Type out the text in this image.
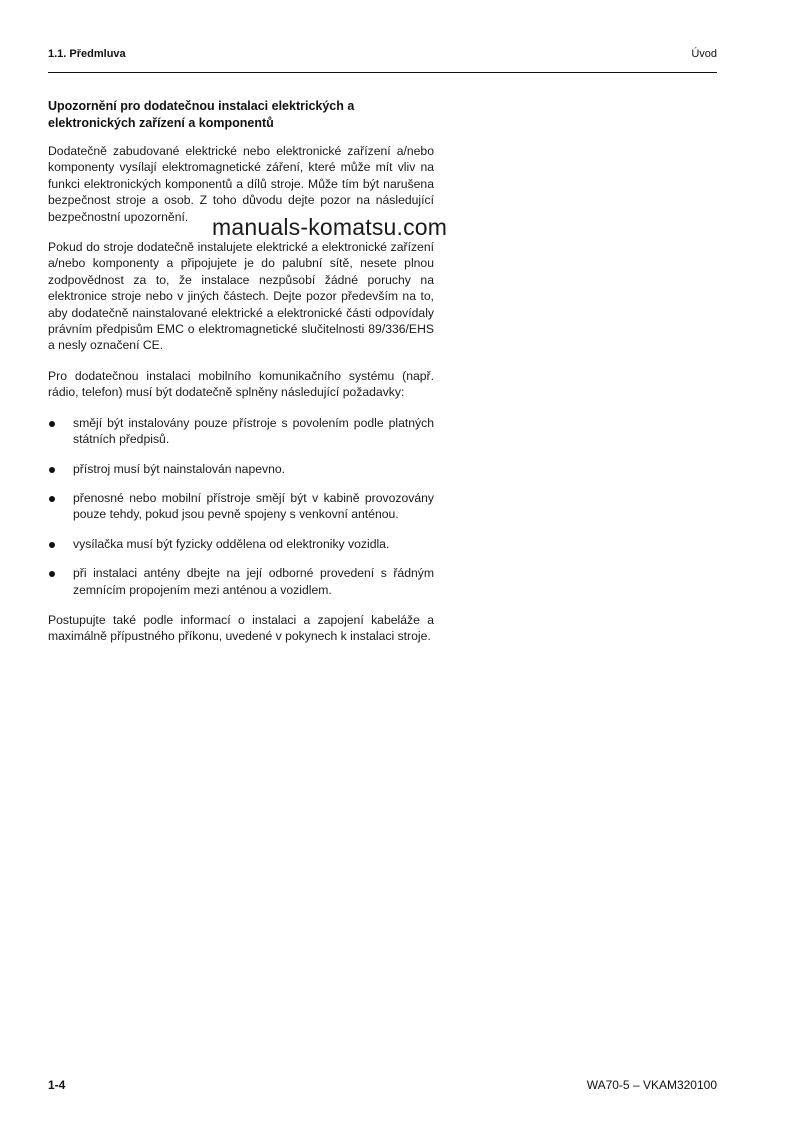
1.1. Předmluva	Úvod
Upozornění pro dodatečnou instalaci elektrických a elektronických zařízení a komponentů

Dodatečně zabudované elektrické nebo elektronické zařízení a/nebo komponenty vysílají elektromagnetické záření, které může mít vliv na funkci elektronických komponentů a dílů stroje. Může tím být narušena bezpečnost stroje a osob. Z toho důvodu dejte pozor na následující bezpečnostní upozornění.

Pokud do stroje dodatečně instalujete elektrické a elektronické zařízení a/nebo komponenty a připojujete je do palubní sítě, nesete plnou zodpovědnost za to, že instalace nezpůsobí žádné poruchy na elektronice stroje nebo v jiných částech. Dejte pozor především na to, aby dodatečně nainstalované elektrické a elektronické části odpovídaly právním předpisům EMC o elektromagnetické slučitelnosti 89/336/EHS a nesly označení CE.

Pro dodatečnou instalaci mobilního komunikačního systému (např. rádio, telefon) musí být dodatečně splněny následující požadavky:

smějí být instalovány pouze přístroje s povolením podle platných státních předpisů.
přístroj musí být nainstalován napevno.
přenosné nebo mobilní přístroje smějí být v kabině provozovány pouze tehdy, pokud jsou pevně spojeny s venkovní anténou.
vysílačka musí být fyzicky oddělena od elektroniky vozidla.
při instalaci antény dbejte na její odborné provedení s řádným zemnícím propojením mezi anténou a vozidlem.

Postupujte také podle informací o instalaci a zapojení kabeláže a maximálně přípustného příkonu, uvedené v pokynech k instalaci stroje.

manuals-komatsu.com
1-4	WA70-5 – VKAM320100
